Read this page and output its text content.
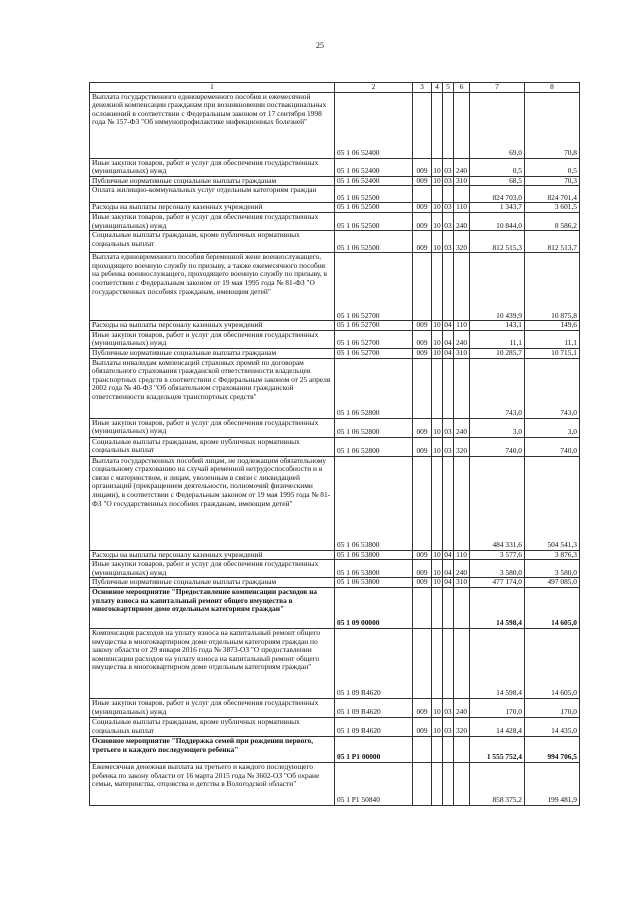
25
1	2	3	4	5	6	7	8
Выплата государственного единовременного пособия и ежемесячной денежной компенсации гражданам при возникновении поствакцинальных осложнений в соответствии с Федеральным законом от 17 сентября 1998 года № 157-ФЗ "Об иммунопрофилактике инфекционных болезней"	05 1 06 52400					69,0	70,8
Иные закупки товаров, работ и услуг для обеспечения государственных (муниципальных) нужд	05 1 06 52400	009	10	03	240	0,5	0,5
Публичные нормативные социальные выплаты гражданам	05 1 06 52400	009	10	03	310	68,5	70,3
Оплата жилищно-коммунальных услуг отдельным категориям граждан	05 1 06 52500					824 703,0	824 701,4
Расходы на выплаты персоналу казенных учреждений	05 1 06 52500	009	10	03	110	1 343,7	3 601,5
Иные закупки товаров, работ и услуг для обеспечения государственных (муниципальных) нужд	05 1 06 52500	009	10	03	240	10 844,0	8 586,2
Социальные выплаты гражданам, кроме публичных нормативных социальных выплат	05 1 06 52500	009	10	03	320	812 515,3	812 513,7
Выплата единовременного пособия беременной жене военнослужащего, проходящего военную службу по призыву, а также ежемесячного пособия на ребенка военнослужащего, проходящего военную службу по призыву, в соответствии с Федеральным законом от 19 мая 1995 года № 81-ФЗ "О государственных пособиях гражданам, имеющим детей"	05 1 06 52700					10 439,9	10 875,8
Расходы на выплаты персоналу казенных учреждений	05 1 06 52700	009	10	04	110	143,1	149,6
Иные закупки товаров, работ и услуг для обеспечения государственных (муниципальных) нужд	05 1 06 52700	009	10	04	240	11,1	11,1
Публичные нормативные социальные выплаты гражданам	05 1 06 52700	009	10	04	310	10 285,7	10 715,1
Выплаты инвалидам компенсаций страховых премий по договорам обязательного страхования гражданской ответственности владельцев транспортных средств в соответствии с Федеральным законом от 25 апреля 2002 года № 40-ФЗ "Об обязательном страховании гражданской ответственности владельцев транспортных средств"	05 1 06 52800					743,0	743,0
Иные закупки товаров, работ и услуг для обеспечения государственных (муниципальных) нужд	05 1 06 52800	009	10	03	240	3,0	3,0
Социальные выплаты гражданам, кроме публичных нормативных социальных выплат	05 1 06 52800	009	10	03	320	740,0	740,0
Выплата государственных пособий лицам, не подлежащим обязательному социальному страхованию на случай временной нетрудоспособности и в связи с материнством, и лицам, уволенным в связи с ликвидацией организаций (прекращением деятельности, полномочий физическими лицами), в соответствии с Федеральным законом от 19 мая 1995 года № 81-ФЗ "О государственных пособиях гражданам, имеющим детей"	05 1 06 53800					484 331,6	504 541,3
Расходы на выплаты персоналу казенных учреждений	05 1 06 53800	009	10	04	110	3 577,6	3 876,3
Иные закупки товаров, работ и услуг для обеспечения государственных (муниципальных) нужд	05 1 06 53800	009	10	04	240	3 580,0	3 580,0
Публичные нормативные социальные выплаты гражданам	05 1 06 53800	009	10	04	310	477 174,0	497 085,0
Основное мероприятие "Предоставление компенсации расходов на уплату взноса на капитальный ремонт общего имущества в многоквартирном доме отдельным категориям граждан"	05 1 09 00000					14 598,4	14 605,0
Компенсация расходов на уплату взноса на капитальный ремонт общего имущества в многоквартирном доме отдельным категориям граждан по закону области от 29 января 2016 года № 3873-ОЗ "О предоставлении компенсации расходов на уплату взноса на капитальный ремонт общего имущества в многоквартирном доме отдельным категориям граждан"	05 1 09 R4620					14 598,4	14 605,0
Иные закупки товаров, работ и услуг для обеспечения государственных (муниципальных) нужд	05 1 09 R4620	009	10	03	240	170,0	170,0
Социальные выплаты гражданам, кроме публичных нормативных социальных выплат	05 1 09 R4620	009	10	03	320	14 428,4	14 435,0
Основное мероприятие "Поддержка семей при рождении первого, третьего и каждого последующего ребенка"	05 1 P1 00000					1 555 752,4	994 706,5
Ежемесячная денежная выплата на третьего и каждого последующего ребенка по закону области от 16 марта 2015 года № 3602-ОЗ "Об охране семьи, материнства, отцовства и детства в Вологодской области"	05 1 P1 50840					858 375,2	199 481,9
